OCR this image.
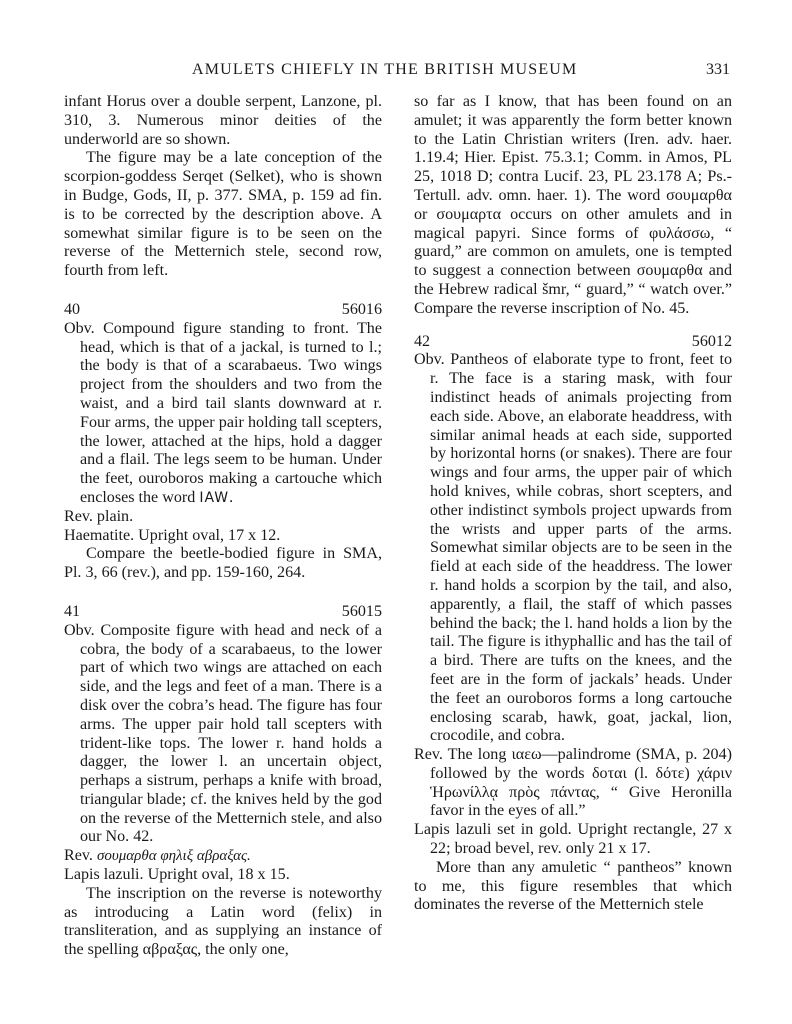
AMULETS CHIEFLY IN THE BRITISH MUSEUM	331

infant Horus over a double serpent, Lanzone, pl. 310, 3. Numerous minor deities of the underworld are so shown.

The figure may be a late conception of the scorpion-goddess Serqet (Selket), who is shown in Budge, Gods, II, p. 377. SMA, p. 159 ad fin. is to be corrected by the description above. A somewhat similar figure is to be seen on the reverse of the Metternich stele, second row, fourth from left.

40	56016

Obv. Compound figure standing to front. The head, which is that of a jackal, is turned to l.; the body is that of a scarabaeus. Two wings project from the shoulders and two from the waist, and a bird tail slants downward at r. Four arms, the upper pair holding tall scepters, the lower, attached at the hips, hold a dagger and a flail. The legs seem to be human. Under the feet, ouroboros making a cartouche which encloses the word IAW.

Rev. plain.

Haematite. Upright oval, 17 x 12.

Compare the beetle-bodied figure in SMA, Pl. 3, 66 (rev.), and pp. 159-160, 264.

41	56015

Obv. Composite figure with head and neck of a cobra, the body of a scarabaeus, to the lower part of which two wings are attached on each side, and the legs and feet of a man. There is a disk over the cobra’s head. The figure has four arms. The upper pair hold tall scepters with trident-like tops. The lower r. hand holds a dagger, the lower l. an uncertain object, perhaps a sistrum, perhaps a knife with broad, triangular blade; cf. the knives held by the god on the reverse of the Metternich stele, and also our No. 42.

Rev. σουμαρθα φηλιξ αβραξας.

Lapis lazuli. Upright oval, 18 x 15.

The inscription on the reverse is noteworthy as introducing a Latin word (felix) in transliteration, and as supplying an instance of the spelling αβραξας, the only one,

so far as I know, that has been found on an amulet; it was apparently the form better known to the Latin Christian writers (Iren. adv. haer. 1.19.4; Hier. Epist. 75.3.1; Comm. in Amos, PL 25, 1018 D; contra Lucif. 23, PL 23.178 A; Ps.-Tertull. adv. omn. haer. 1). The word σουμαρθα or σουμαρτα occurs on other amulets and in magical papyri. Since forms of φυλάσσω, “ guard,” are common on amulets, one is tempted to suggest a connection between σουμαρθα and the Hebrew radical šmr, “ guard,” “ watch over.” Compare the reverse inscription of No. 45.

42	56012

Obv. Pantheos of elaborate type to front, feet to r. The face is a staring mask, with four indistinct heads of animals projecting from each side. Above, an elaborate headdress, with similar animal heads at each side, supported by horizontal horns (or snakes). There are four wings and four arms, the upper pair of which hold knives, while cobras, short scepters, and other indistinct symbols project upwards from the wrists and upper parts of the arms. Somewhat similar objects are to be seen in the field at each side of the headdress. The lower r. hand holds a scorpion by the tail, and also, apparently, a flail, the staff of which passes behind the back; the l. hand holds a lion by the tail. The figure is ithyphallic and has the tail of a bird. There are tufts on the knees, and the feet are in the form of jackals’ heads. Under the feet an ouroboros forms a long cartouche enclosing scarab, hawk, goat, jackal, lion, crocodile, and cobra.

Rev. The long ιαεω—palindrome (SMA, p. 204) followed by the words δοται (l. δότε) χάριν Ἡρωνίλλᾳ πρὸς πάντας, “ Give Heronilla favor in the eyes of all.”

Lapis lazuli set in gold. Upright rectangle, 27 x 22; broad bevel, rev. only 21 x 17.

More than any amuletic “ pantheos” known to me, this figure resembles that which dominates the reverse of the Metternich stele
